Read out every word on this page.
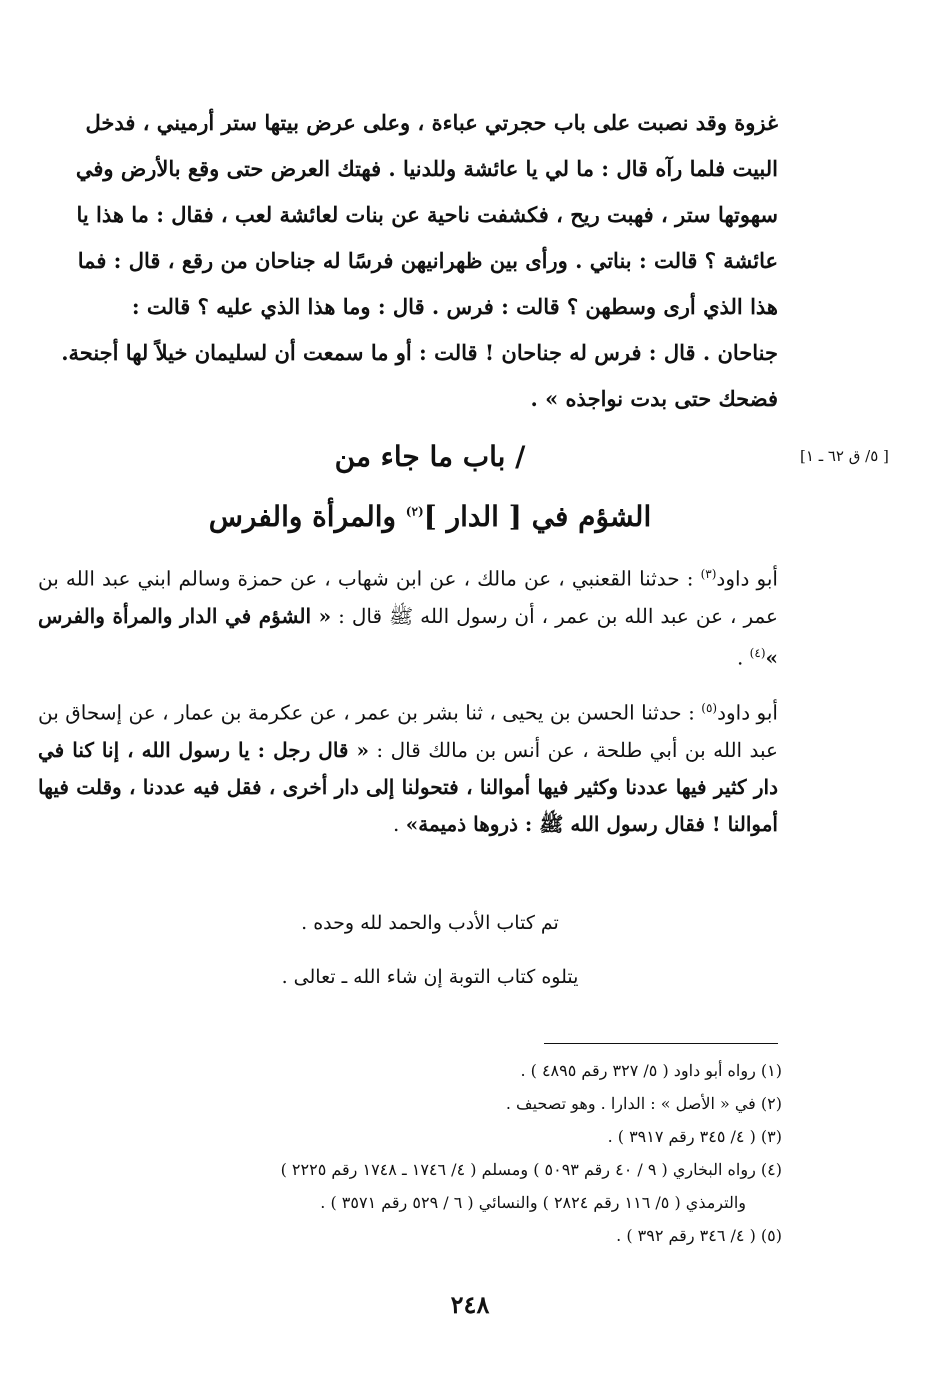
[ ٥/ ق ٦٢ ـ ١]

غزوة وقد نصبت على باب حجرتي عباءة ، وعلى عرض بيتها ستر أرميني ، فدخل

البيت فلما رآه قال : ما لي يا عائشة وللدنيا . فهتك العرض حتى وقع بالأرض وفي

سهوتها ستر ، فهبت ريح ، فكشفت ناحية عن بنات لعائشة لعب ، فقال : ما هذا يا

عائشة ؟ قالت : بناتي . ورأى بين ظهرانيهن فرسًا له جناحان من رقع ، قال : فما

هذا الذي أرى وسطهن ؟ قالت : فرس . قال : وما هذا الذي عليه ؟ قالت :

جناحان . قال : فرس له جناحان ! قالت : أو ما سمعت أن لسليمان خيلاً لها أجنحة.

فضحك حتى بدت نواجذه » .

/ باب ما جاء من
الشؤم في [ الدار ]$^{(٢)}$ والمرأة والفرس

أبو داود$^{(٣)}$ : حدثنا القعنبي ، عن مالك ، عن ابن شهاب ، عن حمزة وسالم ابني عبد الله بن عمر ، عن عبد الله بن عمر ، أن رسول الله ﷺ قال : « الشؤم في الدار والمرأة والفرس »$^{(٤)}$ .

أبو داود$^{(٥)}$ : حدثنا الحسن بن يحيى ، ثنا بشر بن عمر ، عن عكرمة بن عمار ، عن إسحاق بن عبد الله بن أبي طلحة ، عن أنس بن مالك قال : « قال رجل : يا رسول الله ، إنا كنا في دار كثير فيها عددنا وكثير فيها أموالنا ، فتحولنا إلى دار أخرى ، فقل فيه عددنا ، وقلت فيها أموالنا ! فقال رسول الله ﷺ : ذروها ذميمة» .

تم كتاب الأدب والحمد لله وحده .

يتلوه كتاب التوبة إن شاء الله ـ تعالى .

(١) رواه أبو داود ( ٥/ ٣٢٧ رقم ٤٨٩٥ ) .
(٢) في « الأصل » : الدارا . وهو تصحيف .
(٣) ( ٤/ ٣٤٥ رقم ٣٩١٧ ) .
(٤) رواه البخاري ( ٩ / ٤٠ رقم ٥٠٩٣ ) ومسلم ( ٤/ ١٧٤٦ ـ ١٧٤٨ رقم ٢٢٢٥ )
والترمذي ( ٥/ ١١٦ رقم ٢٨٢٤ ) والنسائي ( ٦ / ٥٢٩ رقم ٣٥٧١ ) .
(٥) ( ٤/ ٣٤٦ رقم ٣٩٢ ) .
٢٤٨
